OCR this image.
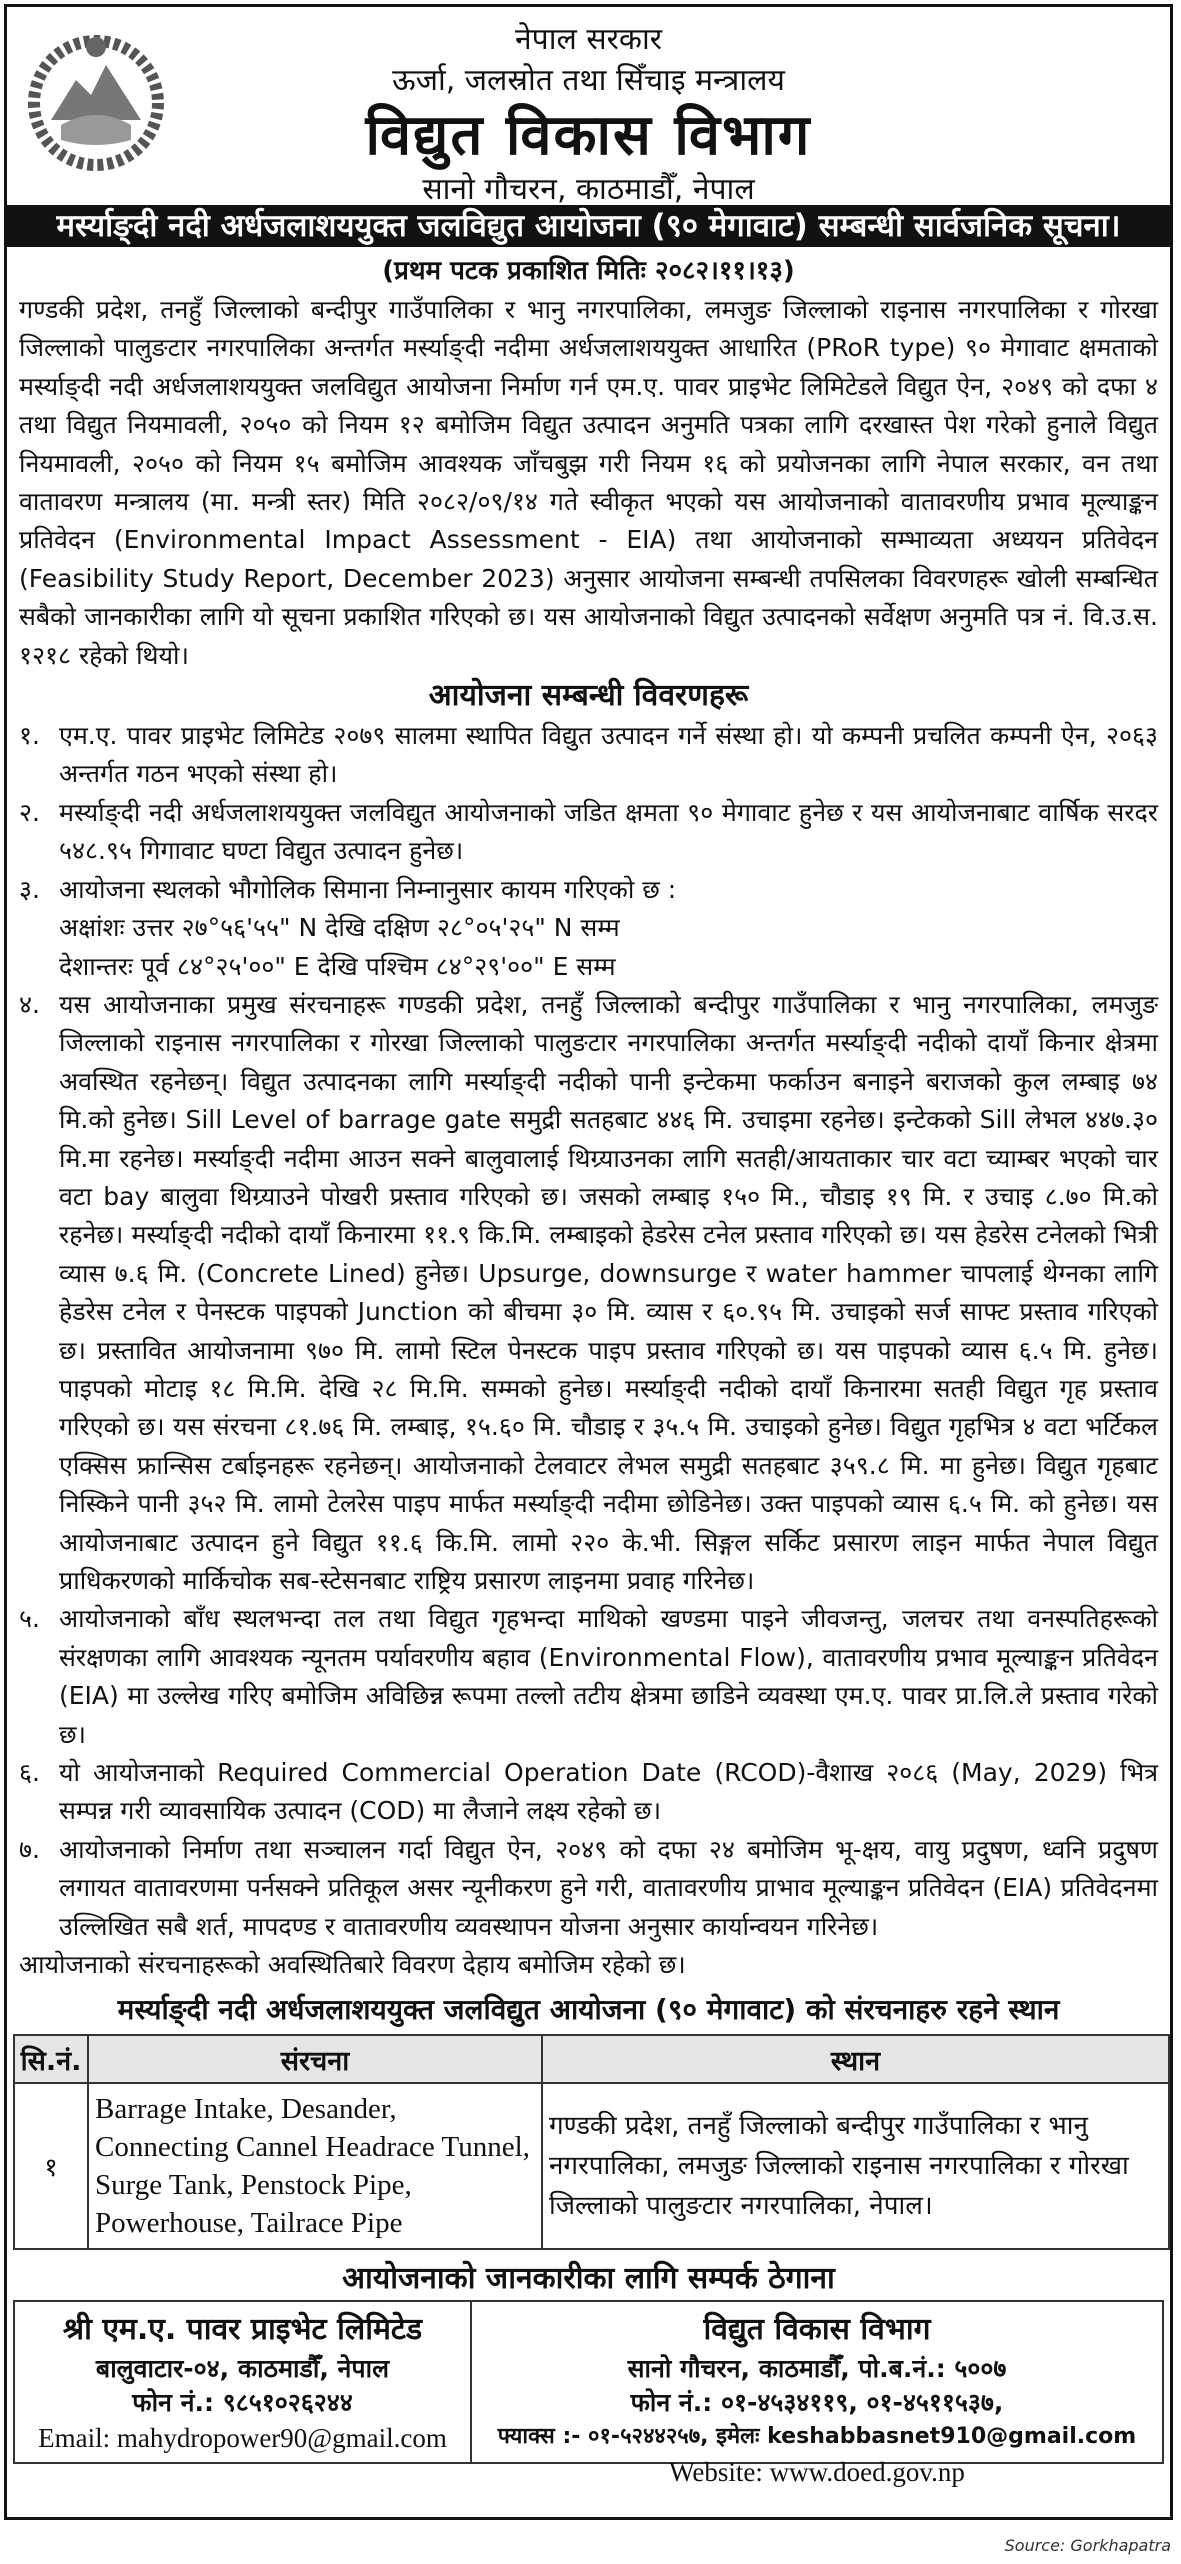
नेपाल सरकार
ऊर्जा, जलस्रोत तथा सिँचाइ मन्त्रालय
विद्युत विकास विभाग
सानो गौचरन, काठमाडौँ, नेपाल
मर्स्याङ्दी नदी अर्धजलाशययुक्त जलविद्युत आयोजना (९० मेगावाट) सम्बन्धी सार्वजनिक सूचना।
(प्रथम पटक प्रकाशित मितिः २०८२।११।१३)
गण्डकी प्रदेश, तनहुँ जिल्लाको बन्दीपुर गाउँपालिका र भानु नगरपालिका, लमजुङ जिल्लाको राइनास नगरपालिका र गोरखा जिल्लाको पालुङटार नगरपालिका अन्तर्गत मर्स्याङ्दी नदीमा अर्धजलाशययुक्त आधारित (PRoR type) ९० मेगावाट क्षमताको मर्स्याङ्दी नदी अर्धजलाशययुक्त जलविद्युत आयोजना निर्माण गर्न एम.ए. पावर प्राइभेट लिमिटेडले विद्युत ऐन, २०४९ को दफा ४ तथा विद्युत नियमावली, २०५० को नियम १२ बमोजिम विद्युत उत्पादन अनुमति पत्रका लागि दरखास्त पेश गरेको हुनाले विद्युत नियमावली, २०५० को नियम १५ बमोजिम आवश्यक जाँचबुझ गरी नियम १६ को प्रयोजनका लागि नेपाल सरकार, वन तथा वातावरण मन्त्रालय (मा. मन्त्री स्तर) मिति २०८२/०९/१४ गते स्वीकृत भएको यस आयोजनाको वातावरणीय प्रभाव मूल्याङ्कन प्रतिवेदन (Environmental Impact Assessment - EIA) तथा आयोजनाको सम्भाव्यता अध्ययन प्रतिवेदन (Feasibility Study Report, December 2023) अनुसार आयोजना सम्बन्धी तपसिलका विवरणहरू खोली सम्बन्धित सबैको जानकारीका लागि यो सूचना प्रकाशित गरिएको छ। यस आयोजनाको विद्युत उत्पादनको सर्वेक्षण अनुमति पत्र नं. वि.उ.स. १२१८ रहेको थियो।
आयोजना सम्बन्धी विवरणहरू
१. एम.ए. पावर प्राइभेट लिमिटेड २०७९ सालमा स्थापित विद्युत उत्पादन गर्ने संस्था हो। यो कम्पनी प्रचलित कम्पनी ऐन, २०६३ अन्तर्गत गठन भएको संस्था हो।
२. मर्स्याङ्दी नदी अर्धजलाशययुक्त जलविद्युत आयोजनाको जडित क्षमता ९० मेगावाट हुनेछ र यस आयोजनाबाट वार्षिक सरदर ५४८.९५ गिगावाट घण्टा विद्युत उत्पादन हुनेछ।
३. आयोजना स्थलको भौगोलिक सिमाना निम्नानुसार कायम गरिएको छ :
अक्षांशः उत्तर २७°५६'५५" N देखि दक्षिण २८°०५'२५" N सम्म
देशान्तरः पूर्व ८४°२५'००" E देखि पश्चिम ८४°२९'००" E सम्म
४. यस आयोजनाका प्रमुख संरचनाहरू गण्डकी प्रदेश, तनहुँ जिल्लाको बन्दीपुर गाउँपालिका र भानु नगरपालिका, लमजुङ जिल्लाको राइनास नगरपालिका र गोरखा जिल्लाको पालुङटार नगरपालिका अन्तर्गत मर्स्याङ्दी नदीको दायाँ किनार क्षेत्रमा अवस्थित रहनेछन्। विद्युत उत्पादनका लागि मर्स्याङ्दी नदीको पानी इन्टेकमा फर्काउन बनाइने बराजको कुल लम्बाइ ७४ मि.को हुनेछ। Sill Level of barrage gate समुद्री सतहबाट ४४६ मि. उचाइमा रहनेछ। इन्टेकको Sill लेभल ४४७.३० मि.मा रहनेछ। मर्स्याङ्दी नदीमा आउन सक्ने बालुवालाई थिग्र्याउनका लागि सतही/आयताकार चार वटा च्याम्बर भएको चार वटा bay बालुवा थिग्र्याउने पोखरी प्रस्ताव गरिएको छ। जसको लम्बाइ १५० मि., चौडाइ १९ मि. र उचाइ ८.७० मि.को रहनेछ। मर्स्याङ्दी नदीको दायाँ किनारमा ११.९ कि.मि. लम्बाइको हेडरेस टनेल प्रस्ताव गरिएको छ। यस हेडरेस टनेलको भित्री व्यास ७.६ मि. (Concrete Lined) हुनेछ। Upsurge, downsurge र water hammer चापलाई थेग्नका लागि हेडरेस टनेल र पेनस्टक पाइपको Junction को बीचमा ३० मि. व्यास र ६०.९५ मि. उचाइको सर्ज साफ्ट प्रस्ताव गरिएको छ। प्रस्तावित आयोजनामा ९७० मि. लामो स्टिल पेनस्टक पाइप प्रस्ताव गरिएको छ। यस पाइपको व्यास ६.५ मि. हुनेछ। पाइपको मोटाइ १८ मि.मि. देखि २८ मि.मि. सम्मको हुनेछ। मर्स्याङ्दी नदीको दायाँ किनारमा सतही विद्युत गृह प्रस्ताव गरिएको छ। यस संरचना ८१.७६ मि. लम्बाइ, १५.६० मि. चौडाइ र ३५.५ मि. उचाइको हुनेछ। विद्युत गृहभित्र ४ वटा भर्टिकल एक्सिस फ्रान्सिस टर्बाइनहरू रहनेछन्। आयोजनाको टेलवाटर लेभल समुद्री सतहबाट ३५९.८ मि. मा हुनेछ। विद्युत गृहबाट निस्किने पानी ३५२ मि. लामो टेलरेस पाइप मार्फत मर्स्याङ्दी नदीमा छोडिनेछ। उक्त पाइपको व्यास ६.५ मि. को हुनेछ। यस आयोजनाबाट उत्पादन हुने विद्युत ११.६ कि.मि. लामो २२० के.भी. सिङ्गल सर्किट प्रसारण लाइन मार्फत नेपाल विद्युत प्राधिकरणको मार्किचोक सब-स्टेसनबाट राष्ट्रिय प्रसारण लाइनमा प्रवाह गरिनेछ।
५. आयोजनाको बाँध स्थलभन्दा तल तथा विद्युत गृहभन्दा माथिको खण्डमा पाइने जीवजन्तु, जलचर तथा वनस्पतिहरूको संरक्षणका लागि आवश्यक न्यूनतम पर्यावरणीय बहाव (Environmental Flow), वातावरणीय प्रभाव मूल्याङ्कन प्रतिवेदन (EIA) मा उल्लेख गरिए बमोजिम अविछिन्न रूपमा तल्लो तटीय क्षेत्रमा छाडिने व्यवस्था एम.ए. पावर प्रा.लि.ले प्रस्ताव गरेको छ।
६. यो आयोजनाको Required Commercial Operation Date (RCOD)-वैशाख २०८६ (May, 2029) भित्र सम्पन्न गरी व्यावसायिक उत्पादन (COD) मा लैजाने लक्ष्य रहेको छ।
७. आयोजनाको निर्माण तथा सञ्चालन गर्दा विद्युत ऐन, २०४९ को दफा २४ बमोजिम भू-क्षय, वायु प्रदुषण, ध्वनि प्रदुषण लगायत वातावरणमा पर्नसक्ने प्रतिकूल असर न्यूनीकरण हुने गरी, वातावरणीय प्राभाव मूल्याङ्कन प्रतिवेदन (EIA) प्रतिवेदनमा उल्लिखित सबै शर्त, मापदण्ड र वातावरणीय व्यवस्थापन योजना अनुसार कार्यान्वयन गरिनेछ।
आयोजनाको संरचनाहरूको अवस्थितिबारे विवरण देहाय बमोजिम रहेको छ।
मर्स्याङ्दी नदी अर्धजलाशययुक्त जलविद्युत आयोजना (९० मेगावाट) को संरचनाहरु रहने स्थान
सि.नं.	संरचना	स्थान
१	Barrage Intake, Desander, Connecting Cannel Headrace Tunnel, Surge Tank, Penstock Pipe, Powerhouse, Tailrace Pipe	गण्डकी प्रदेश, तनहुँ जिल्लाको बन्दीपुर गाउँपालिका र भानु नगरपालिका, लमजुङ जिल्लाको राइनास नगरपालिका र गोरखा जिल्लाको पालुङटार नगरपालिका, नेपाल।
आयोजनाको जानकारीका लागि सम्पर्क ठेगाना
श्री एम.ए. पावर प्राइभेट लिमिटेड
बालुवाटार-०४, काठमाडौँ, नेपाल
फोन नं.: ९८५१०२६२४४
Email: mahydropower90@gmail.com
विद्युत विकास विभाग
सानो गौचरन, काठमाडौँ, पो.ब.नं.: ५००७
फोन नं.: ०१-४५३४११९, ०१-४५११५३७,
फ्याक्स :- ०१-५२४४२५७, इमेलः keshabbasnet910@gmail.com
Website: www.doed.gov.np
Source: Gorkhapatra
